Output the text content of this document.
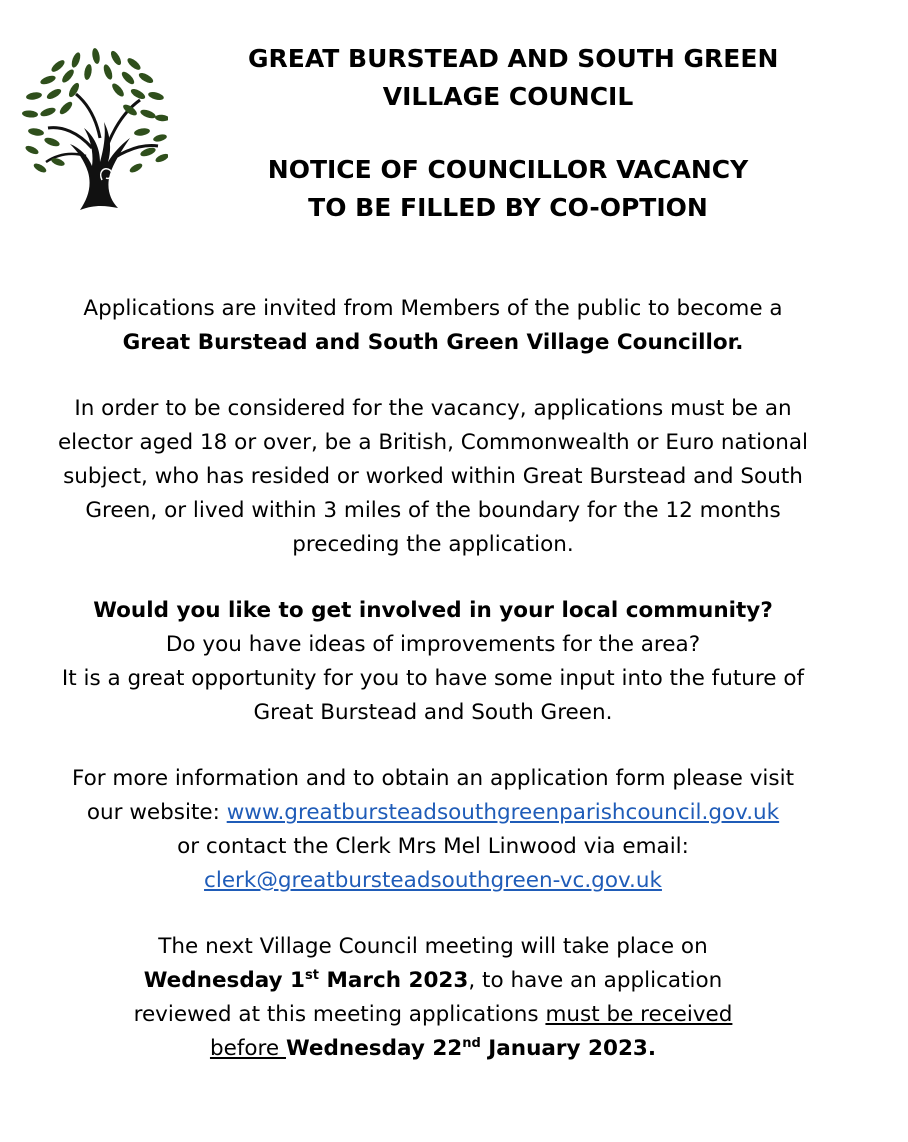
GREAT BURSTEAD AND SOUTH GREEN
VILLAGE COUNCIL
NOTICE OF COUNCILLOR VACANCY
TO BE FILLED BY CO-OPTION
Applications are invited from Members of the public to become a
Great Burstead and South Green Village Councillor.
In order to be considered for the vacancy, applications must be an
elector aged 18 or over, be a British, Commonwealth or Euro national
subject, who has resided or worked within Great Burstead and South
Green, or lived within 3 miles of the boundary for the 12 months
preceding the application.
Would you like to get involved in your local community?
Do you have ideas of improvements for the area?
It is a great opportunity for you to have some input into the future of
Great Burstead and South Green.
For more information and to obtain an application form please visit
our website: www.greatbursteadsouthgreenparishcouncil.gov.uk
or contact the Clerk Mrs Mel Linwood via email:
clerk@greatbursteadsouthgreen-vc.gov.uk
The next Village Council meeting will take place on
Wednesday 1st March 2023, to have an application
reviewed at this meeting applications must be received
before Wednesday 22nd January 2023.
